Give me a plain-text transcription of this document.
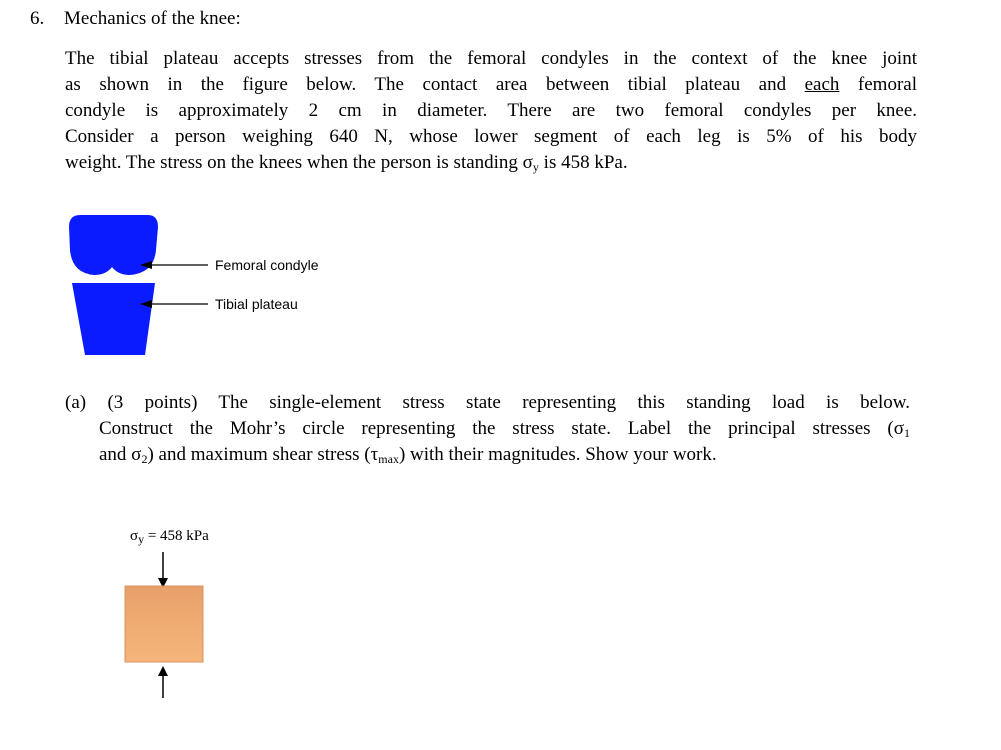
6. Mechanics of the knee:
The tibial plateau accepts stresses from the femoral condyles in the context of the knee joint
as shown in the figure below. The contact area between tibial plateau and each femoral
condyle is approximately 2 cm in diameter. There are two femoral condyles per knee.
Consider a person weighing 640 N, whose lower segment of each leg is 5% of his body
weight. The stress on the knees when the person is standing $\sigma_y$ is 458 kPa.
Femoral condyle
Tibial plateau
(a) (3 points) The single-element stress state representing this standing load is below.
Construct the Mohr’s circle representing the stress state. Label the principal stresses ($\sigma_1$
and $\sigma_2$) and maximum shear stress $(\tau_{max})$ with their magnitudes. Show your work.
$\sigma_y = 458$ kPa
